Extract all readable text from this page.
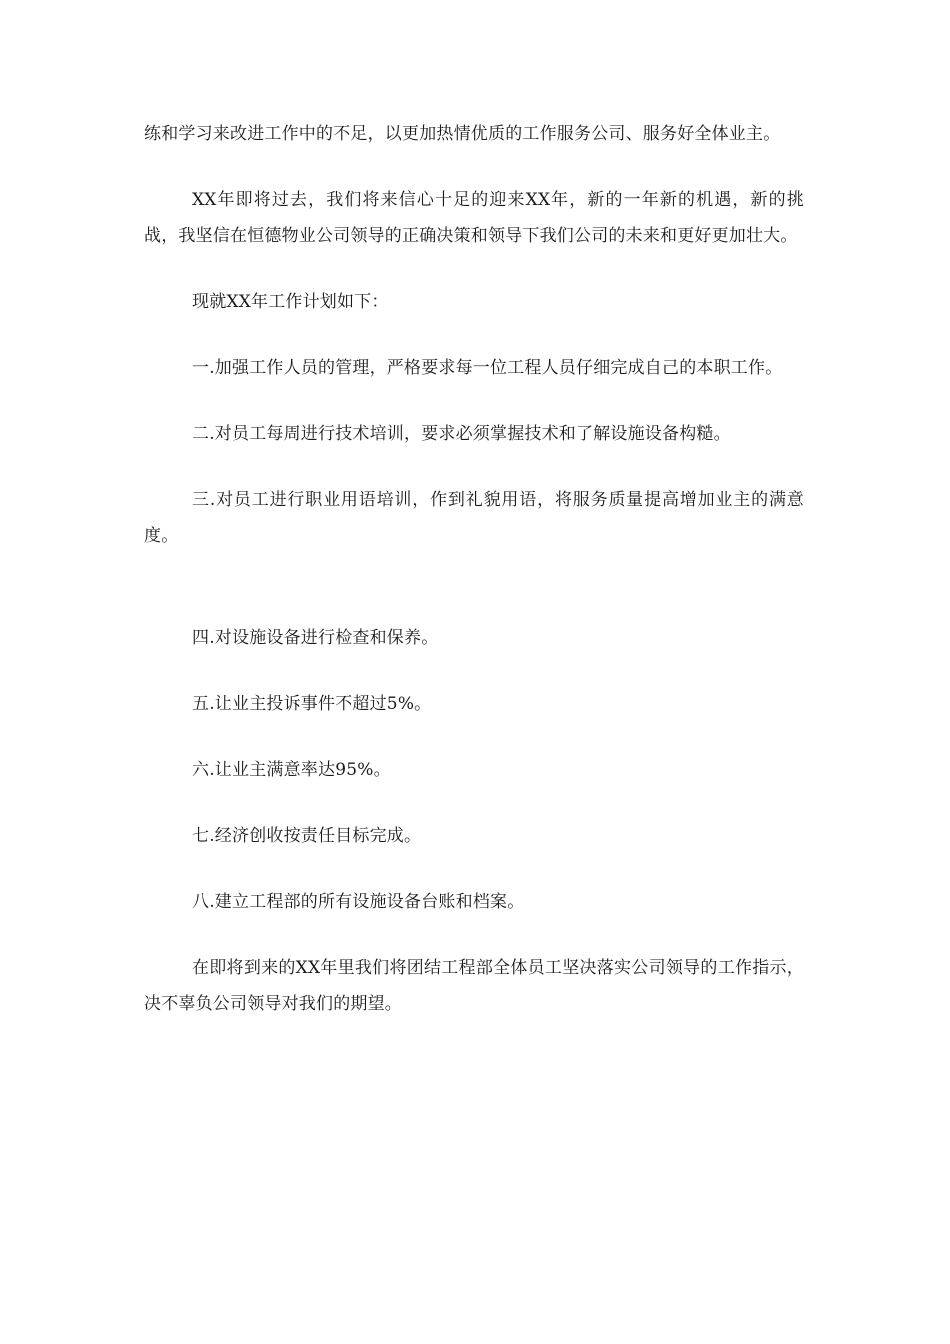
练和学习来改进工作中的不足，以更加热情优质的工作服务公司、服务好全体业主。

XX年即将过去，我们将来信心十足的迎来XX年，新的一年新的机遇，新的挑战，我坚信在恒德物业公司领导的正确决策和领导下我们公司的未来和更好更加壮大。

现就XX年工作计划如下：

一.加强工作人员的管理，严格要求每一位工程人员仔细完成自己的本职工作。

二.对员工每周进行技术培训，要求必须掌握技术和了解设施设备构糙。

三.对员工进行职业用语培训，作到礼貌用语，将服务质量提高增加业主的满意度。

四.对设施设备进行检查和保养。

五.让业主投诉事件不超过5%。

六.让业主满意率达95%。

七.经济创收按责任目标完成。

八.建立工程部的所有设施设备台账和档案。

在即将到来的XX年里我们将团结工程部全体员工坚决落实公司领导的工作指示，决不辜负公司领导对我们的期望。
